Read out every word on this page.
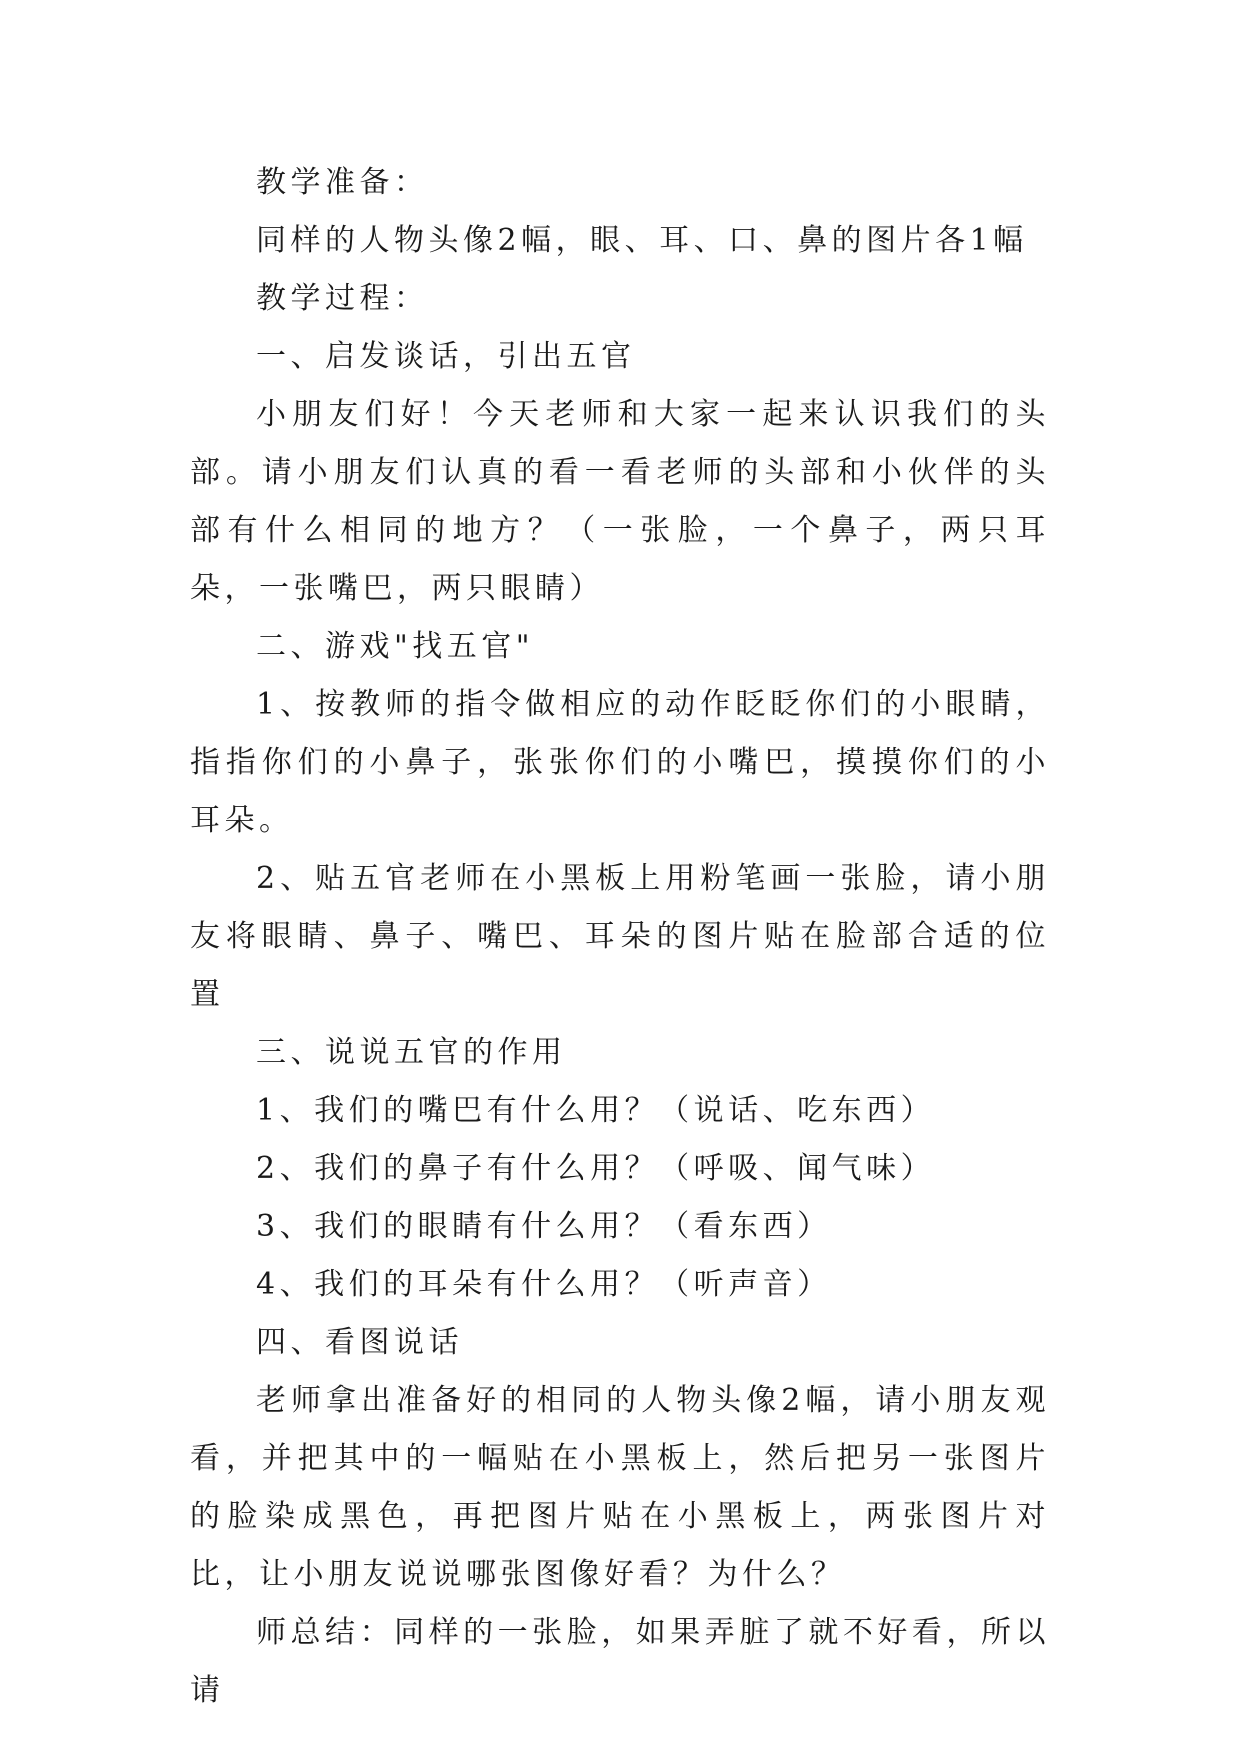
教学准备：

同样的人物头像2幅，眼、耳、口、鼻的图片各1幅

教学过程：

一、启发谈话，引出五官

小朋友们好！今天老师和大家一起来认识我们的头部。请小朋友们认真的看一看老师的头部和小伙伴的头部有什么相同的地方？（一张脸，一个鼻子，两只耳朵，一张嘴巴，两只眼睛）

二、游戏"找五官"

1、按教师的指令做相应的动作眨眨你们的小眼睛，指指你们的小鼻子，张张你们的小嘴巴，摸摸你们的小耳朵。

2、贴五官老师在小黑板上用粉笔画一张脸，请小朋友将眼睛、鼻子、嘴巴、耳朵的图片贴在脸部合适的位置

三、说说五官的作用

1、我们的嘴巴有什么用？（说话、吃东西）

2、我们的鼻子有什么用？（呼吸、闻气味）

3、我们的眼睛有什么用？（看东西）

4、我们的耳朵有什么用？（听声音）

四、看图说话

老师拿出准备好的相同的人物头像2幅，请小朋友观看，并把其中的一幅贴在小黑板上，然后把另一张图片的脸染成黑色，再把图片贴在小黑板上，两张图片对比，让小朋友说说哪张图像好看？为什么？

师总结：同样的一张脸，如果弄脏了就不好看，所以请
